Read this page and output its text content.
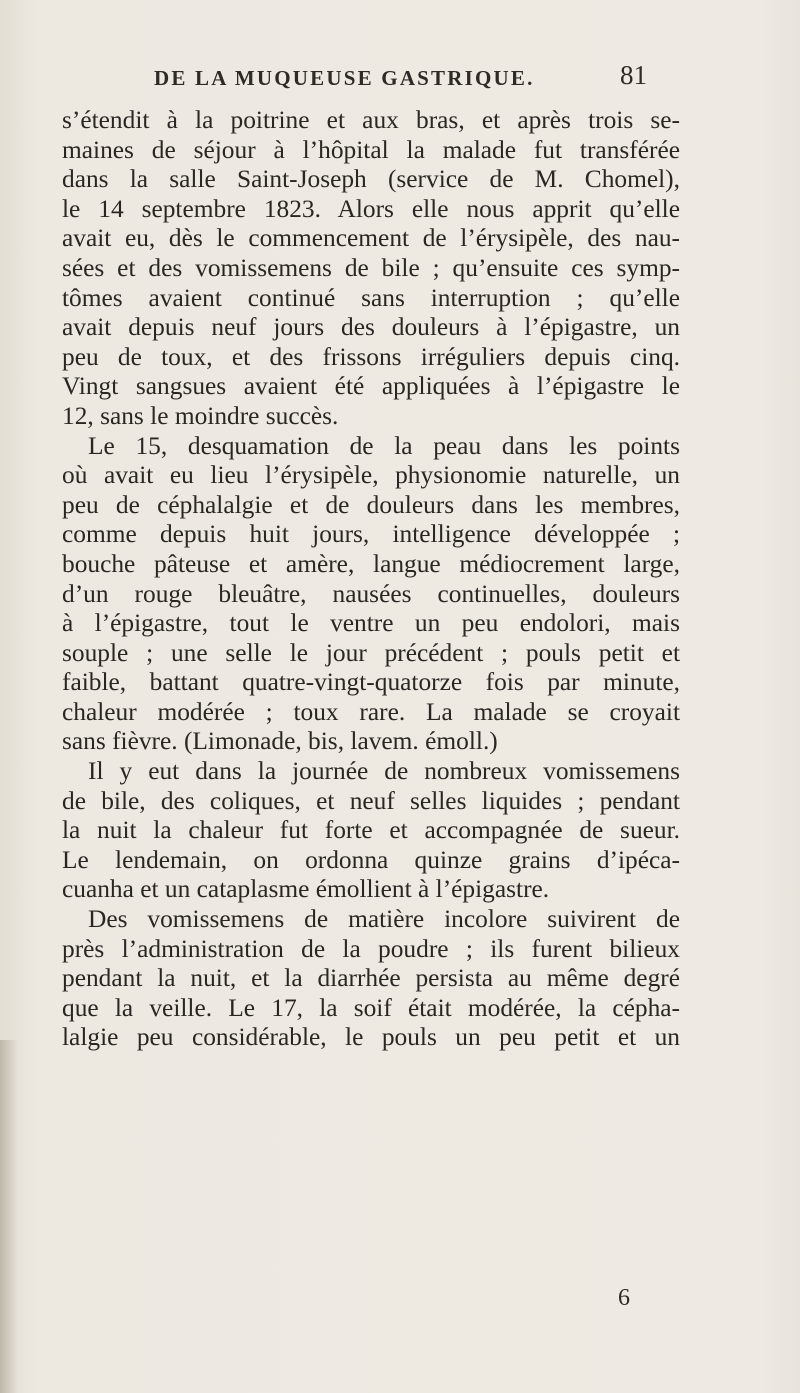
DE LA MUQUEUSE GASTRIQUE.	81
s’étendit à la poitrine et aux bras, et après trois se-
maines de séjour à l’hôpital la malade fut transférée
dans la salle Saint-Joseph (service de M. Chomel),
le 14 septembre 1823. Alors elle nous apprit qu’elle
avait eu, dès le commencement de l’érysipèle, des nau-
sées et des vomissemens de bile ; qu’ensuite ces symp-
tômes avaient continué sans interruption ; qu’elle
avait depuis neuf jours des douleurs à l’épigastre, un
peu de toux, et des frissons irréguliers depuis cinq.
Vingt sangsues avaient été appliquées à l’épigastre le
12, sans le moindre succès.
Le 15, desquamation de la peau dans les points
où avait eu lieu l’érysipèle, physionomie naturelle, un
peu de céphalalgie et de douleurs dans les membres,
comme depuis huit jours, intelligence développée ;
bouche pâteuse et amère, langue médiocrement large,
d’un rouge bleuâtre, nausées continuelles, douleurs
à l’épigastre, tout le ventre un peu endolori, mais
souple ; une selle le jour précédent ; pouls petit et
faible, battant quatre-vingt-quatorze fois par minute,
chaleur modérée ; toux rare. La malade se croyait
sans fièvre. (Limonade, bis, lavem. émoll.)
Il y eut dans la journée de nombreux vomissemens
de bile, des coliques, et neuf selles liquides ; pendant
la nuit la chaleur fut forte et accompagnée de sueur.
Le lendemain, on ordonna quinze grains d’ipéca-
cuanha et un cataplasme émollient à l’épigastre.
Des vomissemens de matière incolore suivirent de
près l’administration de la poudre ; ils furent bilieux
pendant la nuit, et la diarrhée persista au même degré
que la veille. Le 17, la soif était modérée, la cépha-
lalgie peu considérable, le pouls un peu petit et un
6
